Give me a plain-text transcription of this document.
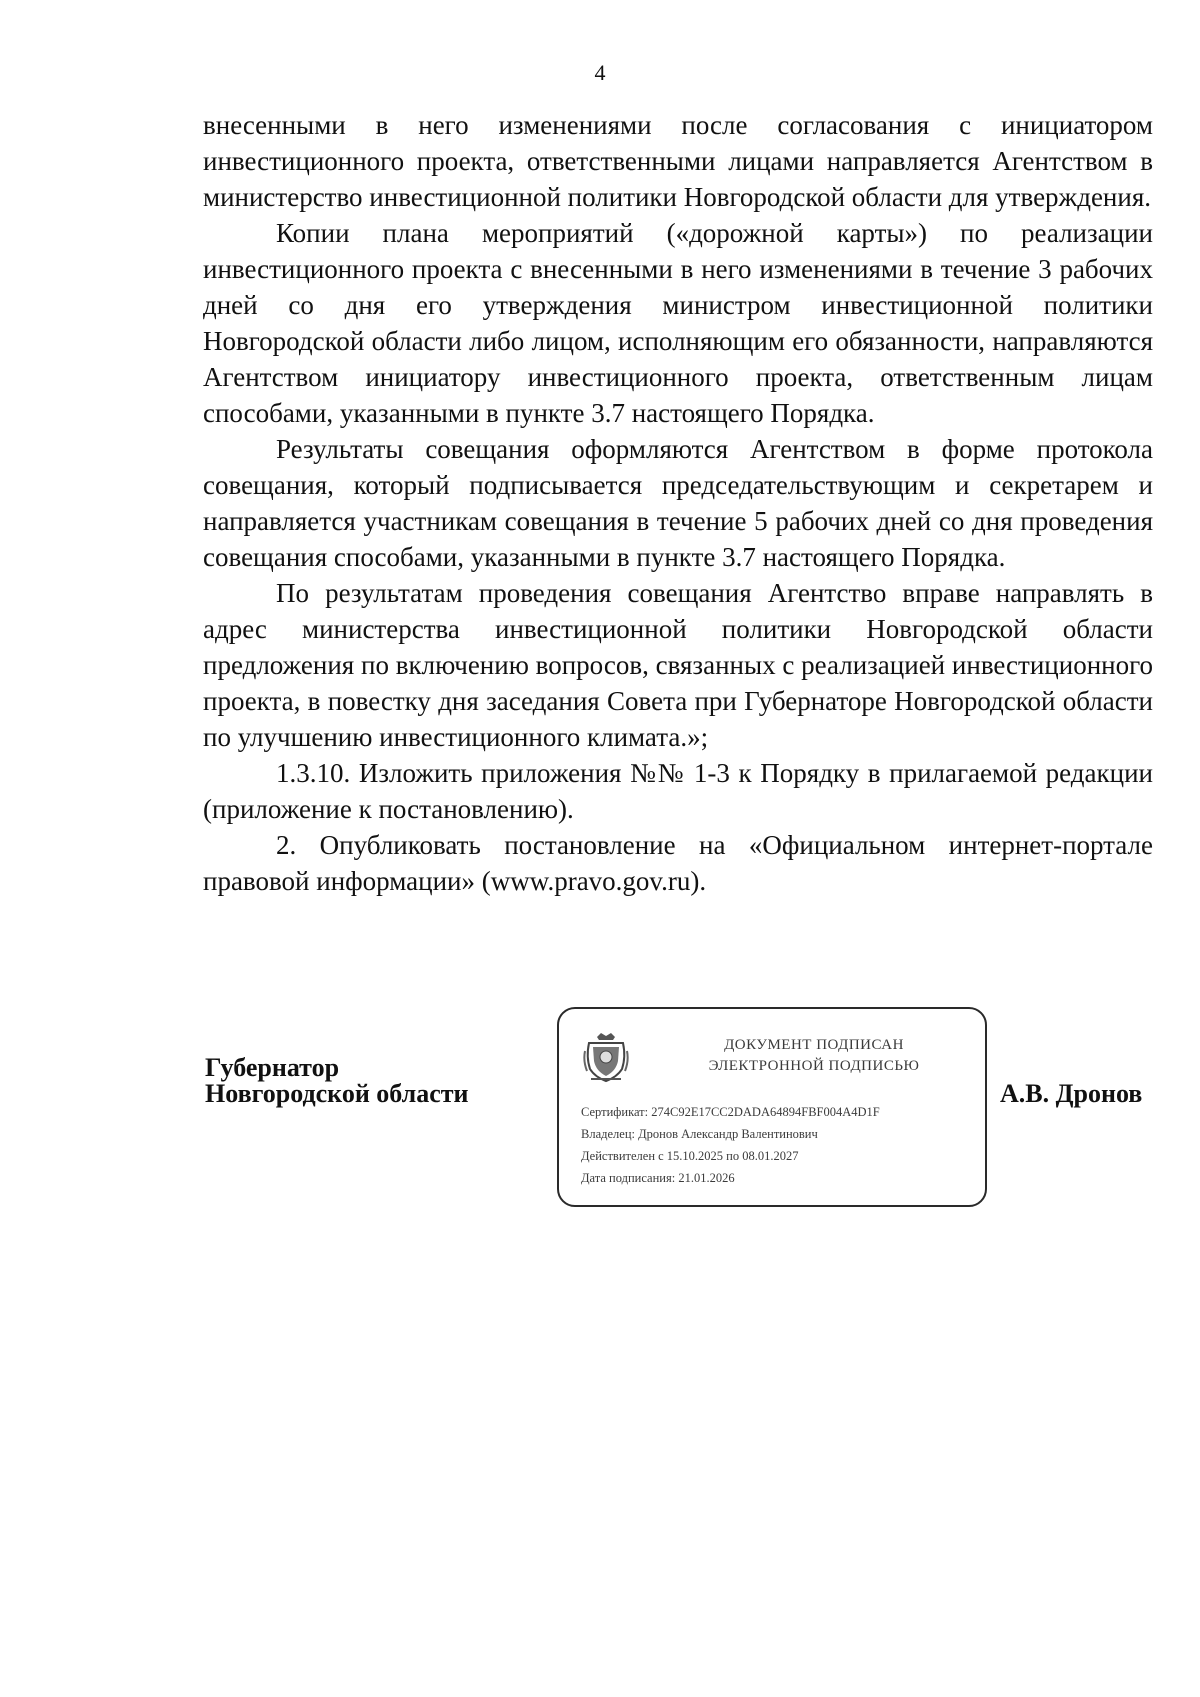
4

внесенными в него изменениями после согласования с инициатором инвестиционного проекта, ответственными лицами направляется Агентством в министерство инвестиционной политики Новгородской области для утверждения.

Копии плана мероприятий («дорожной карты») по реализации инвестиционного проекта с внесенными в него изменениями в течение 3 рабочих дней со дня его утверждения министром инвестиционной политики Новгородской области либо лицом, исполняющим его обязанности, направляются Агентством инициатору инвестиционного проекта, ответственным лицам способами, указанными в пункте 3.7 настоящего Порядка.

Результаты совещания оформляются Агентством в форме протокола совещания, который подписывается председательствующим и секретарем и направляется участникам совещания в течение 5 рабочих дней со дня проведения совещания способами, указанными в пункте 3.7 настоящего Порядка.

По результатам проведения совещания Агентство вправе направлять в адрес министерства инвестиционной политики Новгородской области предложения по включению вопросов, связанных с реализацией инвестиционного проекта, в повестку дня заседания Совета при Губернаторе Новгородской области по улучшению инвестиционного климата.»;

1.3.10. Изложить приложения №№ 1-3 к Порядку в прилагаемой редакции (приложение к постановлению).

2. Опубликовать постановление на «Официальном интернет-портале правовой информации» (www.pravo.gov.ru).

Губернатор
Новгородской области
ДОКУМЕНТ ПОДПИСАН
ЭЛЕКТРОННОЙ ПОДПИСЬЮ
Сертификат: 274C92E17CC2DADA64894FBF004A4D1F
Владелец: Дронов Александр Валентинович
Действителен с 15.10.2025 по 08.01.2027
Дата подписания: 21.01.2026
А.В. Дронов
